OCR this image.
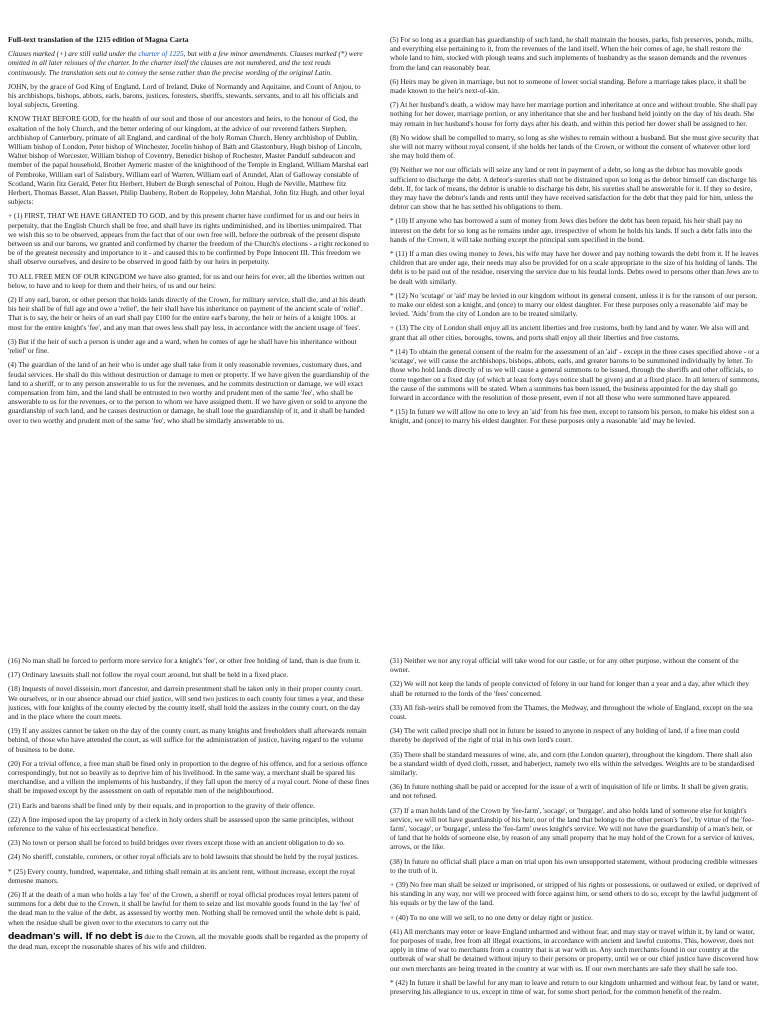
Full-text translation of the 1215 edition of Magna Carta

Clauses marked (+) are still valid under the charter of 1225, but with a few minor amendments. Clauses marked (*) were omitted in all later reissues of the charter. In the charter itself the clauses are not numbered, and the text reads continuously. The translation sets out to convey the sense rather than the precise wording of the original Latin.

JOHN, by the grace of God King of England, Lord of Ireland, Duke of Normandy and Aquitaine, and Count of Anjou, to his archbishops, bishops, abbots, earls, barons, justices, foresters, sheriffs, stewards, servants, and to all his officials and loyal subjects, Greeting.

KNOW THAT BEFORE GOD, for the health of our soul and those of our ancestors and heirs, to the honour of God, the exaltation of the holy Church, and the better ordering of our kingdom, at the advice of our reverend fathers Stephen, archbishop of Canterbury, primate of all England, and cardinal of the holy Roman Church, Henry archbishop of Dublin, William bishop of London, Peter bishop of Winchester, Jocelin bishop of Bath and Glastonbury, Hugh bishop of Lincoln, Walter bishop of Worcester, William bishop of Coventry, Benedict bishop of Rochester, Master Pandulf subdeacon and member of the papal household, Brother Aymeric master of the knighthood of the Temple in England, William Marshal earl of Pembroke, William earl of Salisbury, William earl of Warren, William earl of Arundel, Alan of Galloway constable of Scotland, Warin fitz Gerald, Peter fitz Herbert, Hubert de Burgh seneschal of Poitou, Hugh de Neville, Matthew fitz Herbert, Thomas Basset, Alan Basset, Philip Daubeny, Robert de Roppeley, John Marshal, John fitz Hugh, and other loyal subjects:

+ (1) FIRST, THAT WE HAVE GRANTED TO GOD, and by this present charter have confirmed for us and our heirs in perpetuity, that the English Church shall be free, and shall have its rights undiminished, and its liberties unimpaired. That we wish this so to be observed, appears from the fact that of our own free will, before the outbreak of the present dispute between us and our barons, we granted and confirmed by charter the freedom of the Church's elections - a right reckoned to be of the greatest necessity and importance to it - and caused this to be confirmed by Pope Innocent III. This freedom we shall observe ourselves, and desire to be observed in good faith by our heirs in perpetuity.

TO ALL FREE MEN OF OUR KINGDOM we have also granted, for us and our heirs for ever, all the liberties written out below, to have and to keep for them and their heirs, of us and our heirs:

(2) If any earl, baron, or other person that holds lands directly of the Crown, for military service, shall die, and at his death his heir shall be of full age and owe a 'relief', the heir shall have his inheritance on payment of the ancient scale of 'relief'. That is to say, the heir or heirs of an earl shall pay £100 for the entire earl's barony, the heir or heirs of a knight 100s. at most for the entire knight's 'fee', and any man that owes less shall pay less, in accordance with the ancient usage of 'fees'.

(3) But if the heir of such a person is under age and a ward, when he comes of age he shall have his inheritance without 'relief' or fine.

(4) The guardian of the land of an heir who is under age shall take from it only reasonable revenues, customary dues, and feudal services. He shall do this without destruction or damage to men or property. If we have given the guardianship of the land to a sheriff, or to any person answerable to us for the revenues, and he commits destruction or damage, we will exact compensation from him, and the land shall be entrusted to two worthy and prudent men of the same 'fee', who shall be answerable to us for the revenues, or to the person to whom we have assigned them. If we have given or sold to anyone the guardianship of such land, and he causes destruction or damage, he shall lose the guardianship of it, and it shall be handed over to two worthy and prudent men of the same 'fee', who shall be similarly answerable to us.

(5) For so long as a guardian has guardianship of such land, he shall maintain the houses, parks, fish preserves, ponds, mills, and everything else pertaining to it, from the revenues of the land itself. When the heir comes of age, he shall restore the whole land to him, stocked with plough teams and such implements of husbandry as the season demands and the revenues from the land can reasonably bear.

(6) Heirs may be given in marriage, but not to someone of lower social standing. Before a marriage takes place, it shall be made known to the heir's next-of-kin.

(7) At her husband's death, a widow may have her marriage portion and inheritance at once and without trouble. She shall pay nothing for her dower, marriage portion, or any inheritance that she and her husband held jointly on the day of his death. She may remain in her husband's house for forty days after his death, and within this period her dower shall be assigned to her.

(8) No widow shall be compelled to marry, so long as she wishes to remain without a husband. But she must give security that she will not marry without royal consent, if she holds her lands of the Crown, or without the consent of whatever other lord she may hold them of.

(9) Neither we nor our officials will seize any land or rent in payment of a debt, so long as the debtor has movable goods sufficient to discharge the debt. A debtor's sureties shall not be distrained upon so long as the debtor himself can discharge his debt. If, for lack of means, the debtor is unable to discharge his debt, his sureties shall be answerable for it. If they so desire, they may have the debtor's lands and rents until they have received satisfaction for the debt that they paid for him, unless the debtor can show that he has settled his obligations to them.

* (10) If anyone who has borrowed a sum of money from Jews dies before the debt has been repaid, his heir shall pay no interest on the debt for so long as he remains under age, irrespective of whom he holds his lands. If such a debt falls into the hands of the Crown, it will take nothing except the principal sum specified in the bond.

* (11) If a man dies owing money to Jews, his wife may have her dower and pay nothing towards the debt from it. If he leaves children that are under age, their needs may also be provided for on a scale appropriate to the size of his holding of lands. The debt is to be paid out of the residue, reserving the service due to his feudal lords. Debts owed to persons other than Jews are to be dealt with similarly.

* (12) No 'scutage' or 'aid' may be levied in our kingdom without its general consent, unless it is for the ransom of our person, to make our eldest son a knight, and (once) to marry our eldest daughter. For these purposes only a reasonable 'aid' may be levied. 'Aids' from the city of London are to be treated similarly.

+ (13) The city of London shall enjoy all its ancient liberties and free customs, both by land and by water. We also will and grant that all other cities, boroughs, towns, and ports shall enjoy all their liberties and free customs.

* (14) To obtain the general consent of the realm for the assessment of an 'aid' - except in the three cases specified above - or a 'scutage', we will cause the archbishops, bishops, abbots, earls, and greater barons to be summoned individually by letter. To those who hold lands directly of us we will cause a general summons to be issued, through the sheriffs and other officials, to come together on a fixed day (of which at least forty days notice shall be given) and at a fixed place. In all letters of summons, the cause of the summons will be stated. When a summons has been issued, the business appointed for the day shall go forward in accordance with the resolution of those present, even if not all those who were summoned have appeared.

* (15) In future we will allow no one to levy an 'aid' from his free men, except to ransom his person, to make his eldest son a knight, and (once) to marry his eldest daughter. For these purposes only a reasonable 'aid' may be levied.

(16) No man shall be forced to perform more service for a knight's 'fee', or other free holding of land, than is due from it.

(17) Ordinary lawsuits shall not follow the royal court around, but shall be held in a fixed place.

(18) Inquests of novel disseisin, mort d'ancestor, and darrein presentment shall be taken only in their proper county court. We ourselves, or in our absence abroad our chief justice, will send two justices to each county four times a year, and these justices, with four knights of the county elected by the county itself, shall hold the assizes in the county court, on the day and in the place where the court meets.

(19) If any assizes cannot be taken on the day of the county court, as many knights and freeholders shall afterwards remain behind, of those who have attended the court, as will suffice for the administration of justice, having regard to the volume of business to be done.

(20) For a trivial offence, a free man shall be fined only in proportion to the degree of his offence, and for a serious offence correspondingly, but not so heavily as to deprive him of his livelihood. In the same way, a merchant shall be spared his merchandise, and a villein the implements of his husbandry, if they fall upon the mercy of a royal court. None of these fines shall be imposed except by the assessment on oath of reputable men of the neighbourhood.

(21) Earls and barons shall be fined only by their equals, and in proportion to the gravity of their offence.

(22) A fine imposed upon the lay property of a clerk in holy orders shall be assessed upon the same principles, without reference to the value of his ecclesiastical benefice.

(23) No town or person shall be forced to build bridges over rivers except those with an ancient obligation to do so.

(24) No sheriff, constable, coroners, or other royal officials are to hold lawsuits that should be held by the royal justices.

* (25) Every county, hundred, wapentake, and tithing shall remain at its ancient rent, without increase, except the royal demesne manors.

(26) If at the death of a man who holds a lay 'fee' of the Crown, a sheriff or royal official produces royal letters patent of summons for a debt due to the Crown, it shall be lawful for them to seize and list movable goods found in the lay 'fee' of the dead man to the value of the debt, as assessed by worthy men. Nothing shall be removed until the whole debt is paid, when the residue shall be given over to the executors to carry out the

deadman's will. If no debt is due to the Crown, all the movable goods shall be regarded as the property of the dead man, except the reasonable shares of his wife and children.

(31) Neither we nor any royal official will take wood for our castle, or for any other purpose, without the consent of the owner.

(32) We will not keep the lands of people convicted of felony in our hand for longer than a year and a day, after which they shall be returned to the lords of the 'fees' concerned.

(33) All fish-weirs shall be removed from the Thames, the Medway, and throughout the whole of England, except on the sea coast.

(34) The writ called precipe shall not in future be issued to anyone in respect of any holding of land, if a free man could thereby be deprived of the right of trial in his own lord's court.

(35) There shall be standard measures of wine, ale, and corn (the London quarter), throughout the kingdom. There shall also be a standard width of dyed cloth, russet, and haberject, namely two ells within the selvedges. Weights are to be standardised similarly.

(36) In future nothing shall be paid or accepted for the issue of a writ of inquisition of life or limbs. It shall be given gratis, and not refused.

(37) If a man holds land of the Crown by 'fee-farm', 'socage', or 'burgage', and also holds land of someone else for knight's service, we will not have guardianship of his heir, nor of the land that belongs to the other person's 'fee', by virtue of the 'fee-farm', 'socage', or 'burgage', unless the 'fee-farm' owes knight's service. We will not have the guardianship of a man's heir, or of land that he holds of someone else, by reason of any small property that he may hold of the Crown for a service of knives, arrows, or the like.

(38) In future no official shall place a man on trial upon his own unsupported statement, without producing credible witnesses to the truth of it.

+ (39) No free man shall be seized or imprisoned, or stripped of his rights or possessions, or outlawed or exiled, or deprived of his standing in any way, nor will we proceed with force against him, or send others to do so, except by the lawful judgment of his equals or by the law of the land.

+ (40) To no one will we sell, to no one deny or delay right or justice.

(41) All merchants may enter or leave England unharmed and without fear, and may stay or travel within it, by land or water, for purposes of trade, free from all illegal exactions, in accordance with ancient and lawful customs. This, however, does not apply in time of war to merchants from a country that is at war with us. Any such merchants found in our country at the outbreak of war shall be detained without injury to their persons or property, until we or our chief justice have discovered how our own merchants are being treated in the country at war with us. If our own merchants are safe they shall be safe too.

* (42) In future it shall be lawful for any man to leave and return to our kingdom unharmed and without fear, by land or water, preserving his allegiance to us, except in time of war, for some short period, for the common benefit of the realm.
